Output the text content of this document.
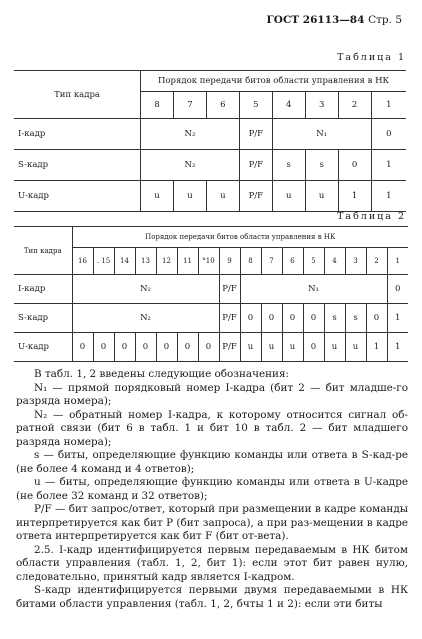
ГОСТ 26113—84 Стр. 5
Таблица 1
Тип кадра	Порядок передачи битов области управления в НК							
	8	7	6	5	4	3	2	1
I-кадр	N₂			P/F	N₁			0
S-кадр	N₂			P/F	s	s	0	1
U-кадр	u	u	u	P/F	u	u	1	1
Таблица 2
Тип кадра	Порядок передачи битов области управления в НК															
	16	. 15	14	13	12	11	°10	9	8	7	6	5	4	3	2	1
I-кадр	N₂							P/F	N₁							0
S-кадр	N₂							P/F	0	0	0	0	s	s	0	1
U-кадр	0	0	0	0	0	0	0	P/F	u	u	u	0	u	u	1	1

В табл. 1, 2 введены следующие обозначения:

N₁ — прямой порядковый номер I-кадра (бит 2 — бит младше-го разряда номера);

N₂ — обратный номер I-кадра, к которому относится сигнал об-ратной связи (бит 6 в табл. 1 и бит 10 в табл. 2 — бит младшего разряда номера);

s — биты, определяющие функцию команды или ответа в S-кад-ре (не более 4 команд и 4 ответов);

u — биты, определяющие функцию команды или ответа в U-кадре (не более 32 команд и 32 ответов);

P/F — бит запрос/ответ, который при размещении в кадре команды интерпретируется как бит Р (бит запроса), а при раз-мещении в кадре ответа интерпретируется как бит F (бит от-вета).

2.5. I-кадр идентифицируется первым передаваемым в НК битом области управления (табл. 1, 2, бит 1): если этот бит равен нулю, следовательно, принятый кадр является I-кадром.

S-кадр идентифицируется первыми двумя передаваемыми в НК битами области управления (табл. 1, 2, бчты 1 и 2): если эти биты
